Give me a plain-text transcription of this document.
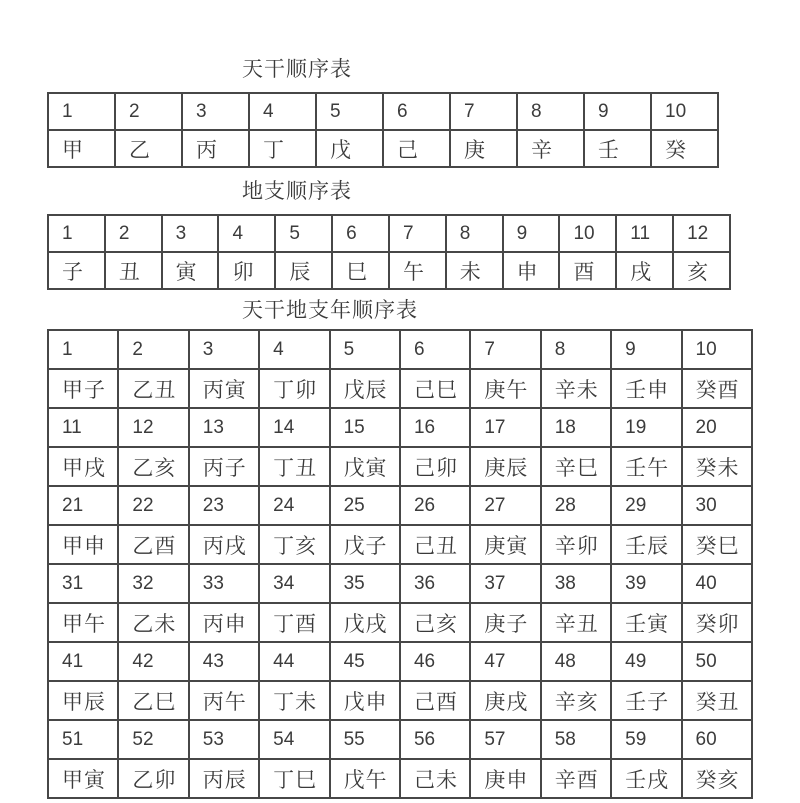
天干顺序表
1	2	3	4	5	6	7	8	9	10
甲	乙	丙	丁	戊	己	庚	辛	壬	癸
地支顺序表
1	2	3	4	5	6	7	8	9	10	11	12
子	丑	寅	卯	辰	巳	午	未	申	酉	戌	亥
天干地支年顺序表
1	2	3	4	5	6	7	8	9	10
甲子	乙丑	丙寅	丁卯	戊辰	己巳	庚午	辛未	壬申	癸酉
11	12	13	14	15	16	17	18	19	20
甲戌	乙亥	丙子	丁丑	戊寅	己卯	庚辰	辛巳	壬午	癸未
21	22	23	24	25	26	27	28	29	30
甲申	乙酉	丙戌	丁亥	戊子	己丑	庚寅	辛卯	壬辰	癸巳
31	32	33	34	35	36	37	38	39	40
甲午	乙未	丙申	丁酉	戊戌	己亥	庚子	辛丑	壬寅	癸卯
41	42	43	44	45	46	47	48	49	50
甲辰	乙巳	丙午	丁未	戊申	己酉	庚戌	辛亥	壬子	癸丑
51	52	53	54	55	56	57	58	59	60
甲寅	乙卯	丙辰	丁巳	戊午	己未	庚申	辛酉	壬戌	癸亥
